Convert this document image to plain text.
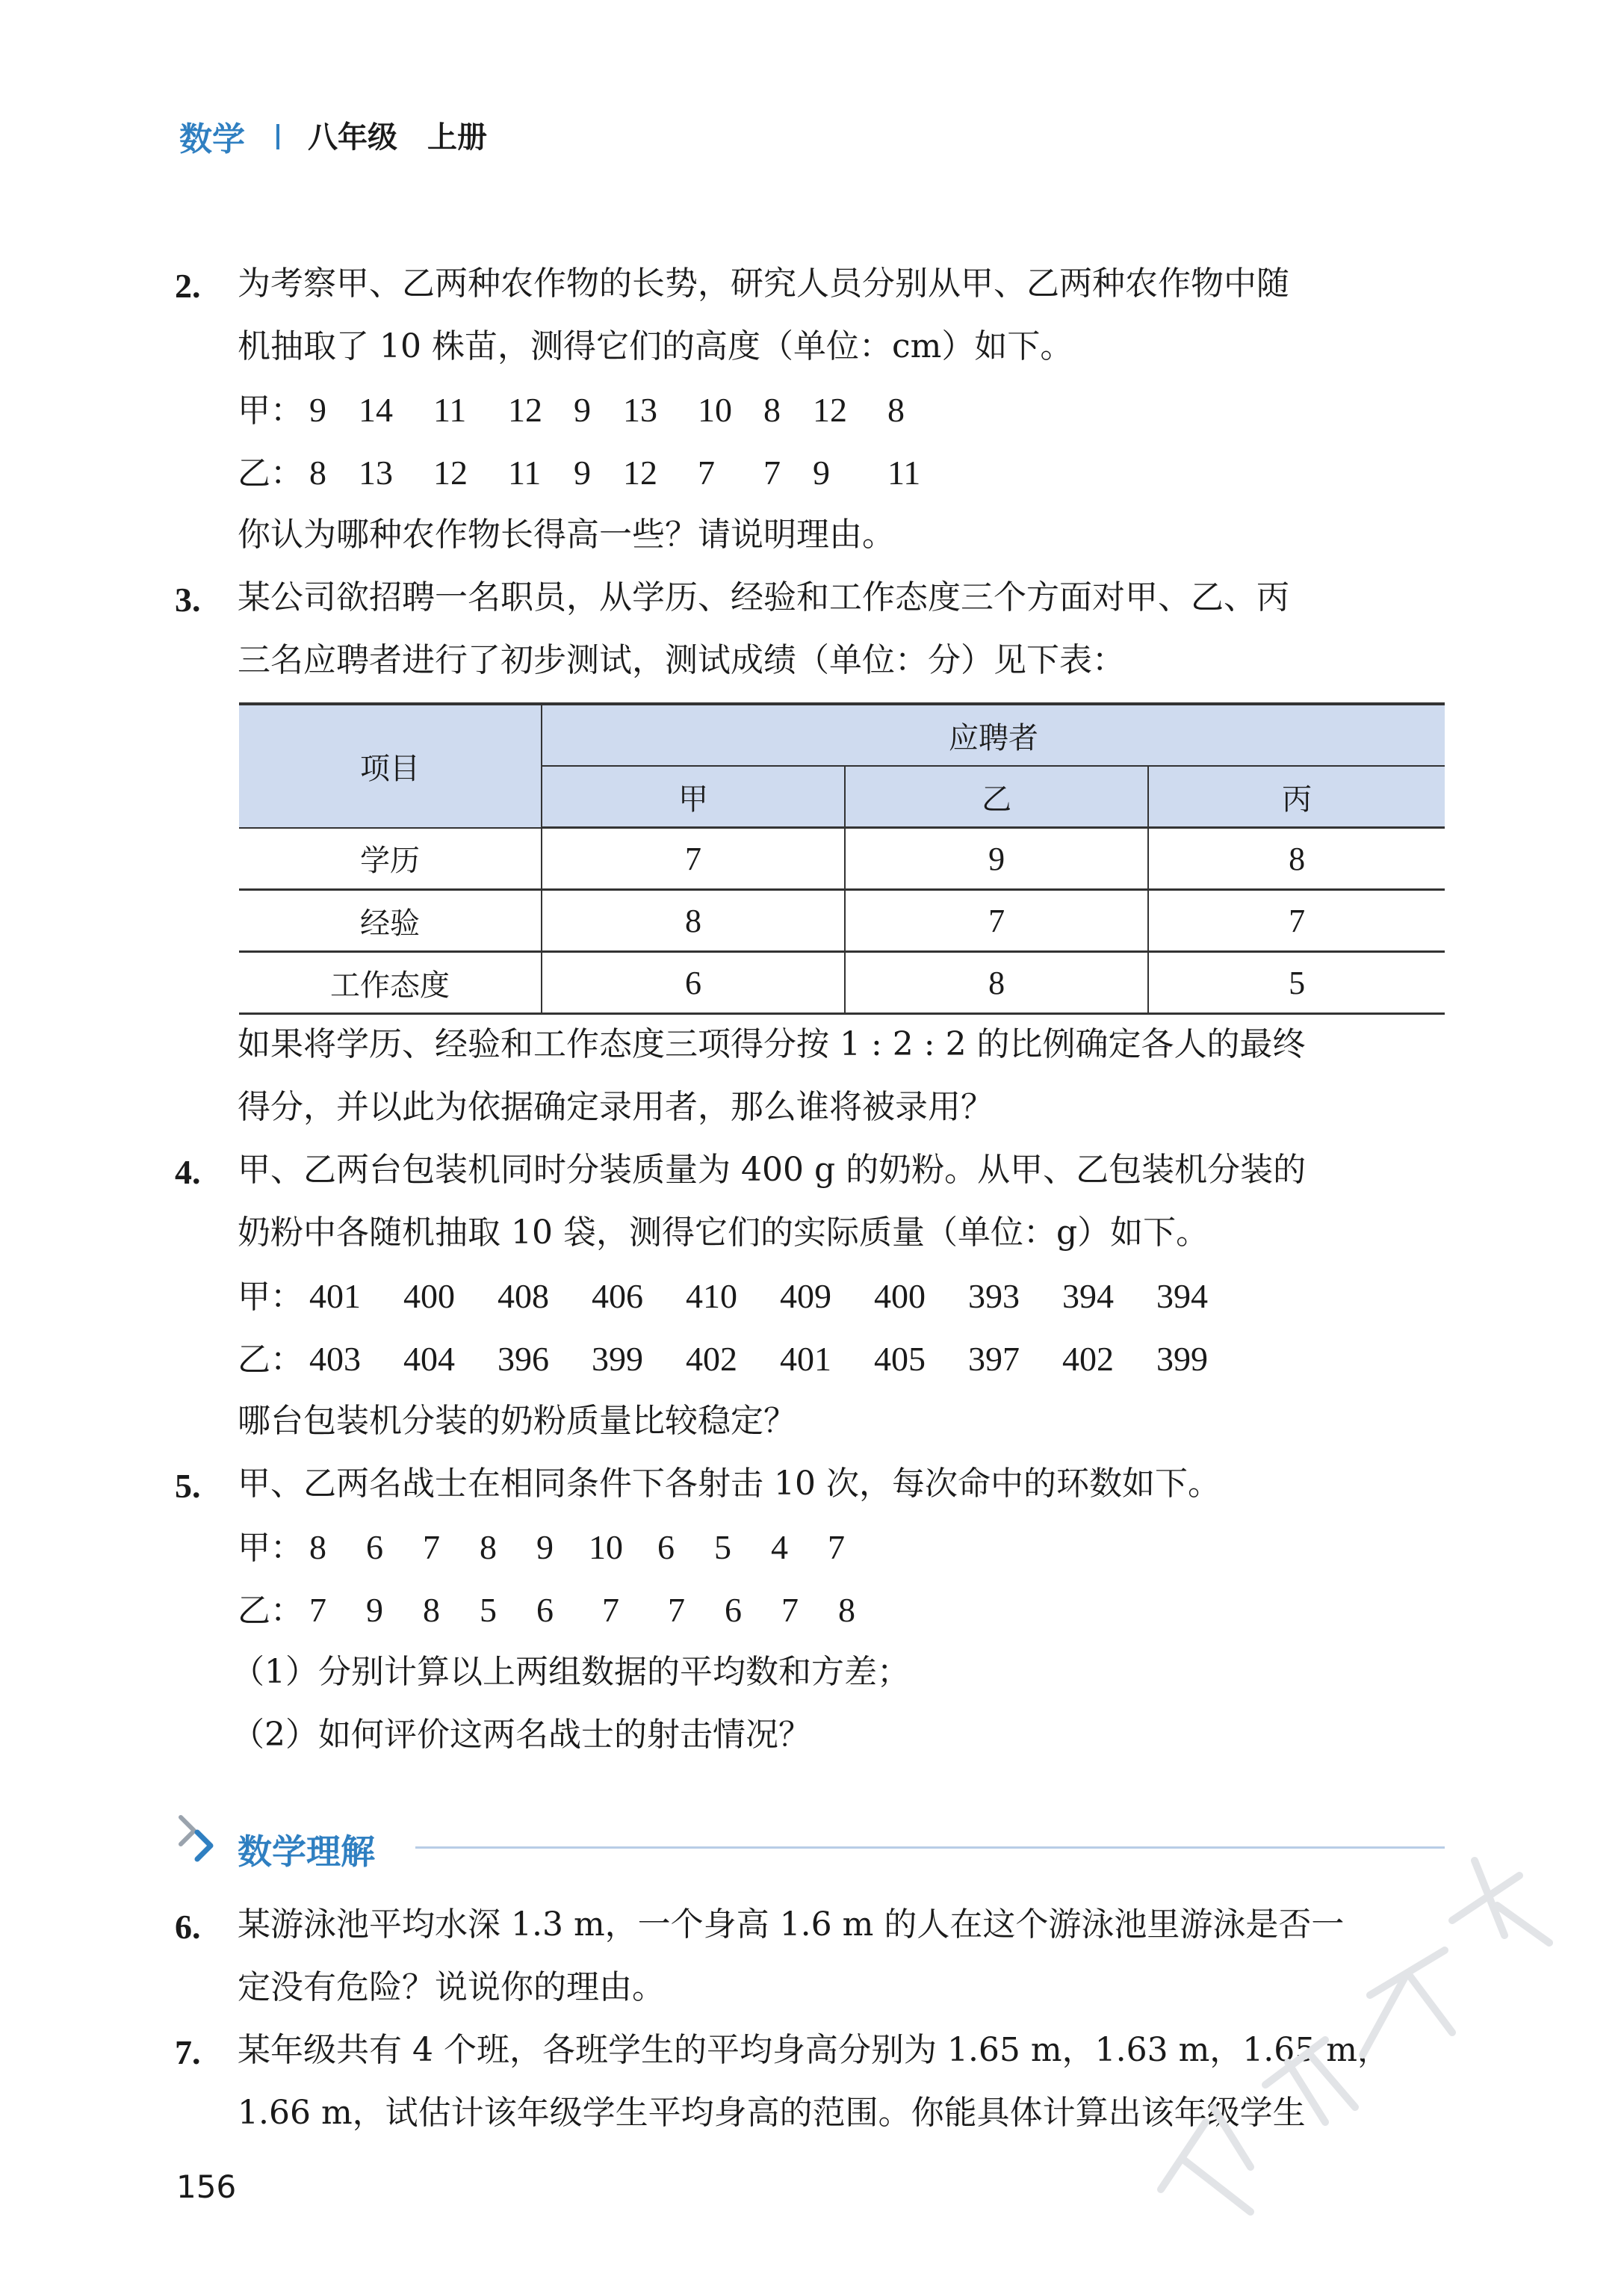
数学 八年级 上册
2. 为考察甲、乙两种农作物的长势，研究人员分别从甲、乙两种农作物中随
机抽取了 10 株苗，测得它们的高度（单位：cm）如下。
甲： 9 14	11	12 9 13	10 8 12	8
乙： 8 13	12	11 9 12	7	7 9	11
你认为哪种农作物长得高一些？请说明理由。
3. 某公司欲招聘一名职员，从学历、经验和工作态度三个方面对甲、乙、丙
三名应聘者进行了初步测试，测试成绩（单位：分）见下表：
项目	应聘者		
	甲	乙	丙
学历	7	9	8
经验	8	7	7
工作态度	6	8	5
如果将学历、经验和工作态度三项得分按 1 : 2 : 2 的比例确定各人的最终
得分，并以此为依据确定录用者，那么谁将被录用？
4. 甲、乙两台包装机同时分装质量为 400 g 的奶粉。从甲、乙包装机分装的
奶粉中各随机抽取 10 袋，测得它们的实际质量（单位：g）如下。
甲： 401	400	408	406	410	409	400	393	394	394
乙： 403	404	396	399	402	401	405	397	402	399
哪台包装机分装的奶粉质量比较稳定？
5. 甲、乙两名战士在相同条件下各射击 10 次，每次命中的环数如下。
甲： 8	6	7	8	9	10	6	5	4	7
乙： 7	9	8	5	6	7	7	6	7	8
（1）分别计算以上两组数据的平均数和方差；
（2）如何评价这两名战士的射击情况？
数学理解
6. 某游泳池平均水深 1.3 m，一个身高 1.6 m 的人在这个游泳池里游泳是否一
定没有危险？说说你的理由。
7. 某年级共有 4 个班，各班学生的平均身高分别为 1.65 m，1.63 m，1.65 m，
1.66 m，试估计该年级学生平均身高的范围。你能具体计算出该年级学生
156
